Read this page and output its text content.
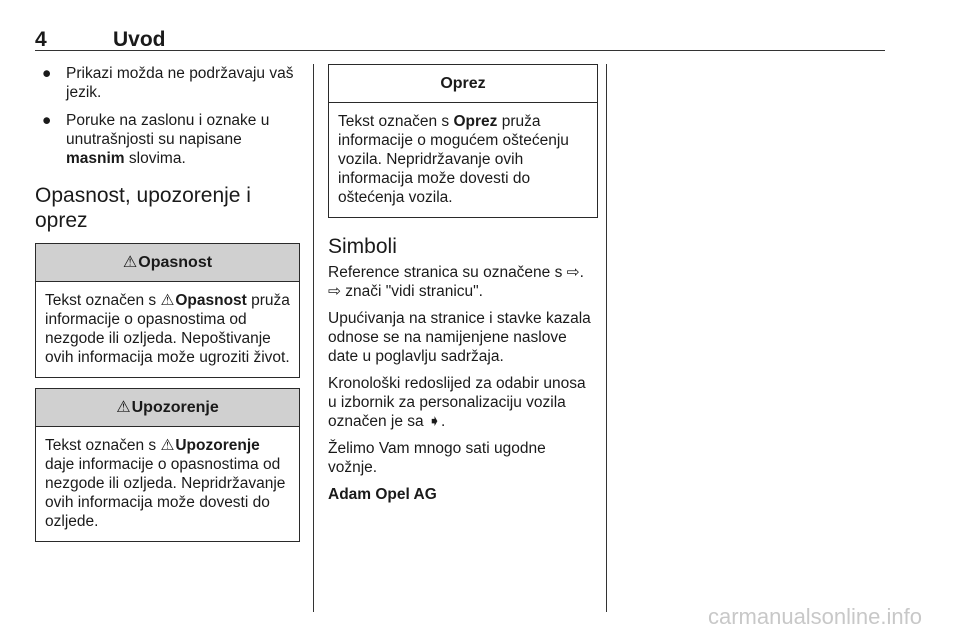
4	Uvod
● Prikazi možda ne podržavaju vaš jezik.
● Poruke na zaslonu i oznake u unutrašnjosti su napisane masnim slovima.
Opasnost, upozorenje i oprez
⚠Opasnost
Tekst označen s ⚠Opasnost pruža informacije o opasnostima od nezgode ili ozljeda. Nepoštivanje ovih informacija može ugroziti život.
⚠Upozorenje
Tekst označen s ⚠Upozorenje daje informacije o opasnostima od nezgode ili ozljeda. Nepridržavanje ovih informacija može dovesti do ozljede.
Oprez
Tekst označen s Oprez pruža informacije o mogućem oštećenju vozila. Nepridržavanje ovih informacija može dovesti do oštećenja vozila.
Simboli

Reference stranica su označene s ⇨. ⇨ znači "vidi stranicu".

Upućivanja na stranice i stavke kazala odnose se na namijenjene naslove date u poglavlju sadržaja.

Kronološki redoslijed za odabir unosa u izbornik za personalizaciju vozila označen je sa ➧.

Želimo Vam mnogo sati ugodne vožnje.

Adam Opel AG

carmanualsonline.info
